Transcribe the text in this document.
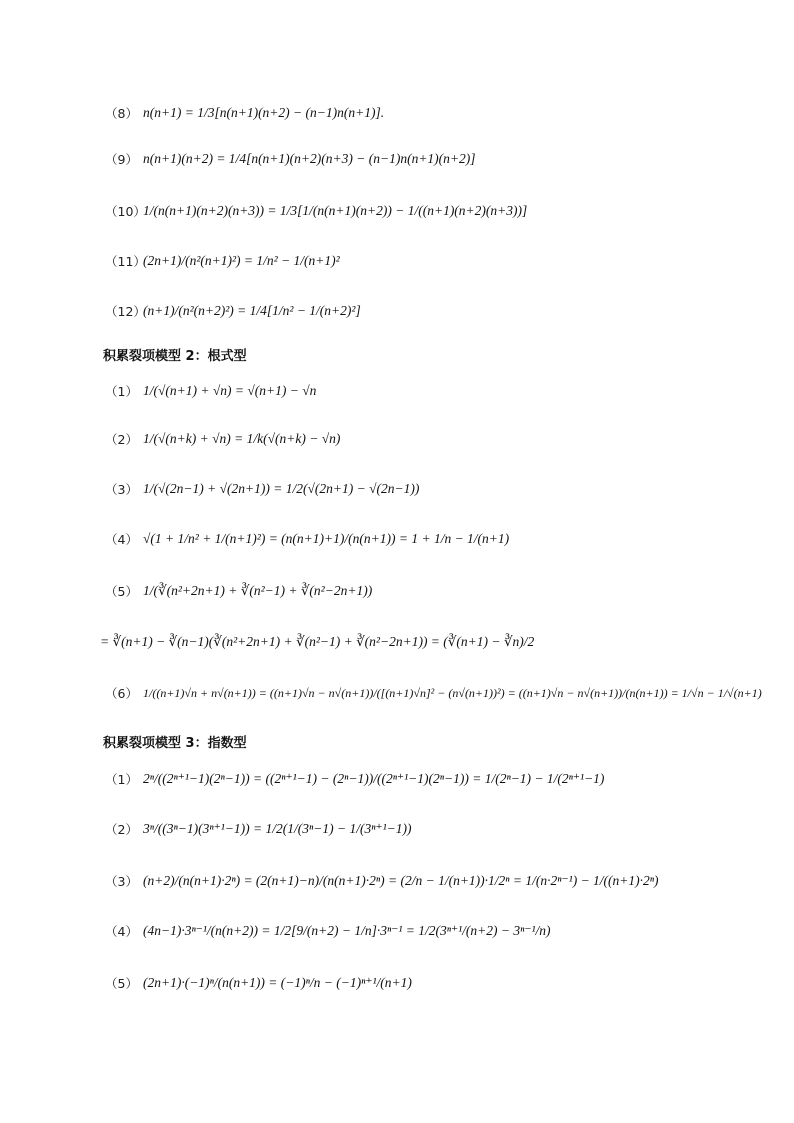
（8） n(n+1) = 1/3[n(n+1)(n+2) − (n−1)n(n+1)].
（9） n(n+1)(n+2) = 1/4[n(n+1)(n+2)(n+3) − (n−1)n(n+1)(n+2)]
（10）
1/(n(n+1)(n+2)(n+3)) = 1/3[1/(n(n+1)(n+2)) − 1/((n+1)(n+2)(n+3))]
（11）
(2n+1)/(n²(n+1)²) = 1/n² − 1/(n+1)²
（12）
(n+1)/(n²(n+2)²) = 1/4[1/n² − 1/(n+2)²]
积累裂项模型 2：根式型
（1） 1/(√(n+1) + √n) = √(n+1) − √n
（2） 1/(√(n+k) + √n) = 1/k(√(n+k) − √n)
（3） 1/(√(2n−1) + √(2n+1)) = 1/2(√(2n+1) − √(2n−1))
（4） √(1 + 1/n² + 1/(n+1)²) = (n(n+1)+1)/(n(n+1)) = 1 + 1/n − 1/(n+1)
（5） 1/(∛(n²+2n+1) + ∛(n²−1) + ∛(n²−2n+1))
= ∛(n+1) − ∛(n−1)(∛(n²+2n+1) + ∛(n²−1) + ∛(n²−2n+1)) = (∛(n+1) − ∛n)/2
（6） 1/((n+1)√n + n√(n+1)) = ((n+1)√n − n√(n+1))/([(n+1)√n]² − (n√(n+1))²) = ((n+1)√n − n√(n+1))/(n(n+1)) = 1/√n − 1/√(n+1)
积累裂项模型 3：指数型
（1） 2ⁿ/((2ⁿ⁺¹−1)(2ⁿ−1)) = ((2ⁿ⁺¹−1) − (2ⁿ−1))/((2ⁿ⁺¹−1)(2ⁿ−1)) = 1/(2ⁿ−1) − 1/(2ⁿ⁺¹−1)
（2） 3ⁿ/((3ⁿ−1)(3ⁿ⁺¹−1)) = 1/2(1/(3ⁿ−1) − 1/(3ⁿ⁺¹−1))
（3） (n+2)/(n(n+1)·2ⁿ) = (2(n+1)−n)/(n(n+1)·2ⁿ) = (2/n − 1/(n+1))·1/2ⁿ = 1/(n·2ⁿ⁻¹) − 1/((n+1)·2ⁿ)
（4） (4n−1)·3ⁿ⁻¹/(n(n+2)) = 1/2[9/(n+2) − 1/n]·3ⁿ⁻¹ = 1/2(3ⁿ⁺¹/(n+2) − 3ⁿ⁻¹/n)
（5） (2n+1)·(−1)ⁿ/(n(n+1)) = (−1)ⁿ/n − (−1)ⁿ⁺¹/(n+1)
